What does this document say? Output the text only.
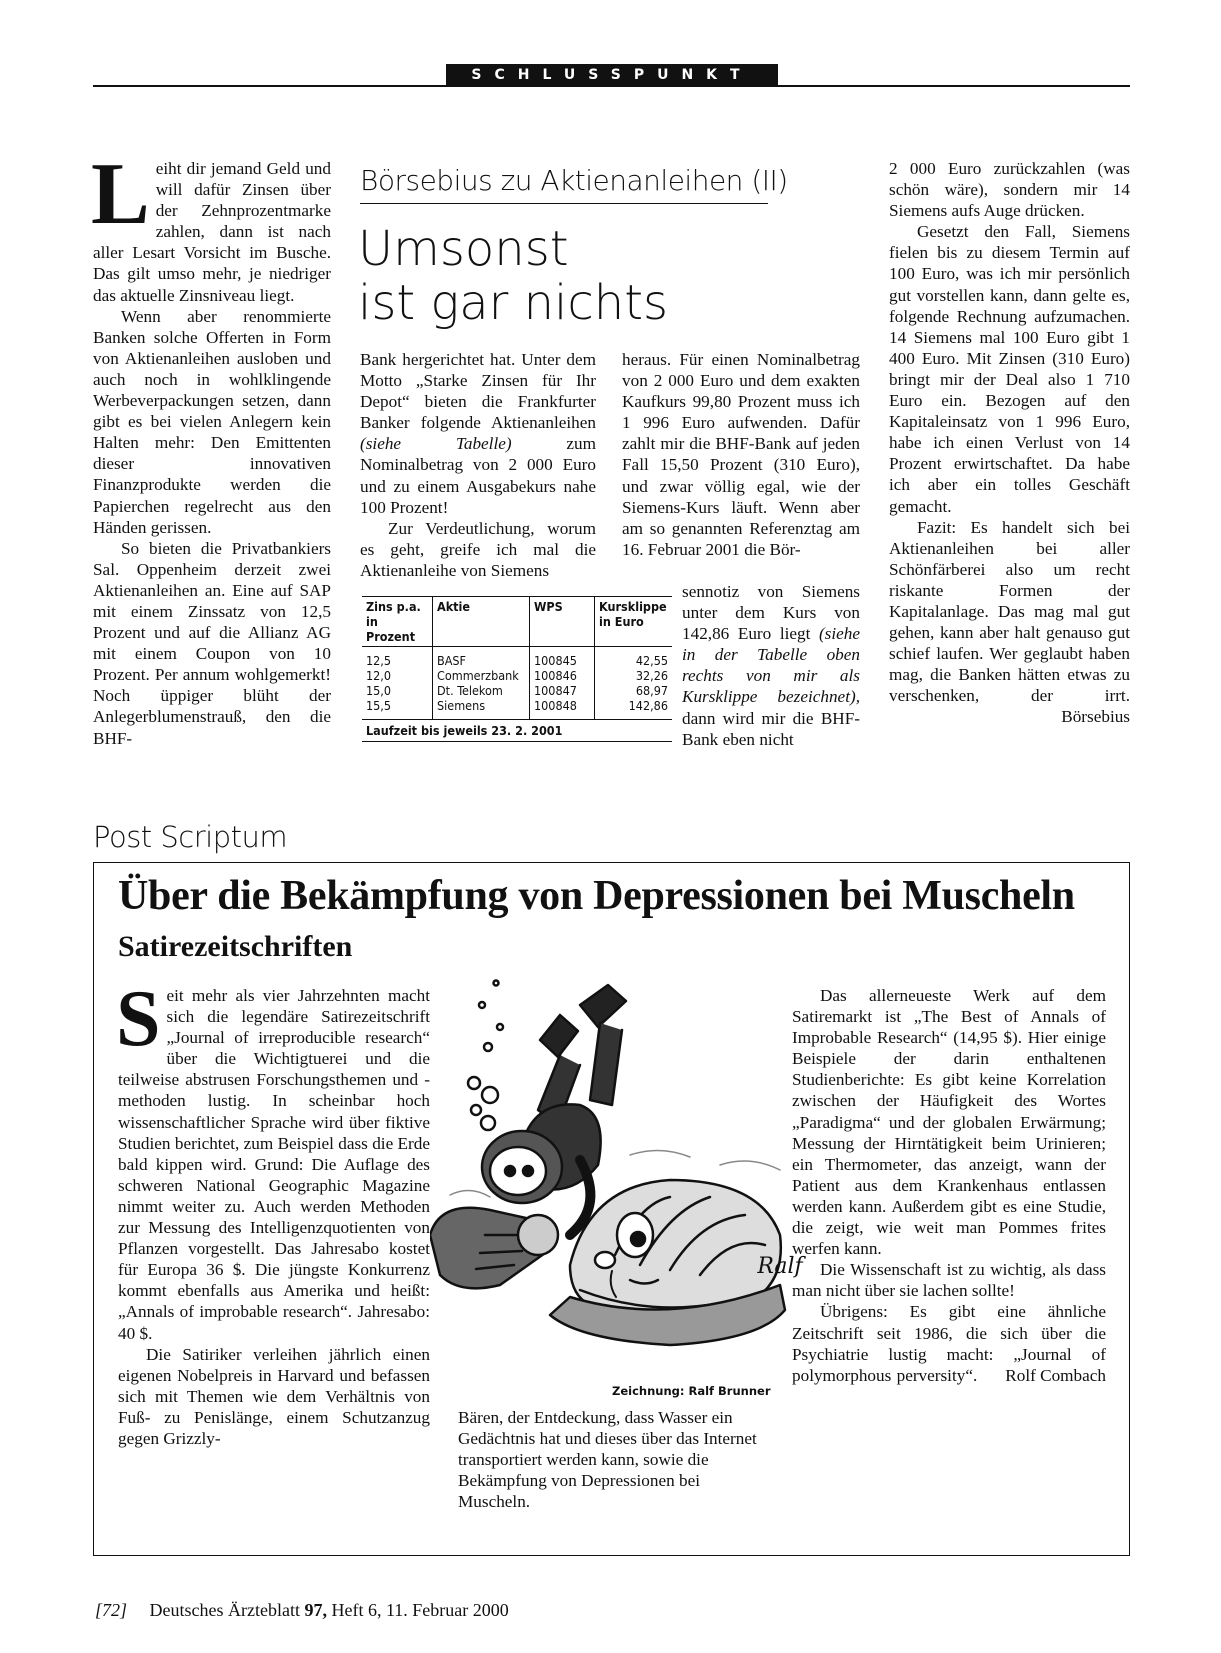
SCHLUSSPUNKT

Leiht dir jemand Geld und will dafür Zinsen über der Zehnprozentmarke zahlen, dann ist nach aller Lesart Vorsicht im Busche. Das gilt umso mehr, je niedriger das aktuelle Zinsniveau liegt.

Wenn aber renommierte Banken solche Offerten in Form von Aktienanleihen ausloben und auch noch in wohlklingende Werbeverpackungen setzen, dann gibt es bei vielen Anlegern kein Halten mehr: Den Emittenten dieser innovativen Finanzprodukte werden die Papierchen regelrecht aus den Händen gerissen.

So bieten die Privatbankiers Sal. Oppenheim derzeit zwei Aktienanleihen an. Eine auf SAP mit einem Zinssatz von 12,5 Prozent und auf die Allianz AG mit einem Coupon von 10 Prozent. Per annum wohlgemerkt! Noch üppiger blüht der Anlegerblumenstrauß, den die BHF-

Börsebius zu Aktienanleihen (II)
Umsonst
ist gar nichts

Bank hergerichtet hat. Unter dem Motto „Starke Zinsen für Ihr Depot“ bieten die Frankfurter Banker folgende Aktienanleihen (siehe Tabelle) zum Nominalbetrag von 2 000 Euro und zu einem Ausgabekurs nahe 100 Prozent!

Zur Verdeutlichung, worum es geht, greife ich mal die Aktienanleihe von Siemens

heraus. Für einen Nominalbetrag von 2 000 Euro und dem exakten Kaufkurs 99,80 Prozent muss ich 1 996 Euro aufwenden. Dafür zahlt mir die BHF-Bank auf jeden Fall 15,50 Prozent (310 Euro), und zwar völlig egal, wie der Siemens-Kurs läuft. Wenn aber am so genannten Referenztag am 16. Februar 2001 die Bör-

sennotiz von Siemens unter dem Kurs von 142,86 Euro liegt (siehe in der Tabelle oben rechts von mir als Kursklippe bezeichnet), dann wird mir die BHF-Bank eben nicht

Zins p.a. in Prozent	Aktie	WPS	Kursklippe in Euro
12,5	BASF	100845	42,55
12,0	Commerzbank	100846	32,26
15,0	Dt. Telekom	100847	68,97
15,5	Siemens	100848	142,86
Laufzeit bis jeweils 23. 2. 2001			

2 000 Euro zurückzahlen (was schön wäre), sondern mir 14 Siemens aufs Auge drücken.

Gesetzt den Fall, Siemens fielen bis zu diesem Termin auf 100 Euro, was ich mir persönlich gut vorstellen kann, dann gelte es, folgende Rechnung aufzumachen. 14 Siemens mal 100 Euro gibt 1 400 Euro. Mit Zinsen (310 Euro) bringt mir der Deal also 1 710 Euro ein. Bezogen auf den Kapitaleinsatz von 1 996 Euro, habe ich einen Verlust von 14 Prozent erwirtschaftet. Da habe ich aber ein tolles Geschäft gemacht.

Fazit: Es handelt sich bei Aktienanleihen bei aller Schönfärberei also um recht riskante Formen der Kapitalanlage. Das mag mal gut gehen, kann aber halt genauso gut schief laufen. Wer geglaubt haben mag, die Banken hätten etwas zu verschenken, der irrt.
Börsebius

Post Scriptum
Über die Bekämpfung von Depressionen bei Muscheln
Satirezeitschriften

Seit mehr als vier Jahrzehnten macht sich die legendäre Satirezeitschrift „Journal of irreproducible research“ über die Wichtigtuerei und die teilweise abstrusen Forschungsthemen und -methoden lustig. In scheinbar hoch wissenschaftlicher Sprache wird über fiktive Studien berichtet, zum Beispiel dass die Erde bald kippen wird. Grund: Die Auflage des schweren National Geographic Magazine nimmt weiter zu. Auch werden Methoden zur Messung des Intelligenzquotienten von Pflanzen vorgestellt. Das Jahresabo kostet für Europa 36 $. Die jüngste Konkurrenz kommt ebenfalls aus Amerika und heißt: „Annals of improbable research“. Jahresabo: 40 $.

Die Satiriker verleihen jährlich einen eigenen Nobelpreis in Harvard und befassen sich mit Themen wie dem Verhältnis von Fuß- zu Penislänge, einem Schutzanzug gegen Grizzly-

Bären, der Entdeckung, dass Wasser ein Gedächtnis hat und dieses über das Internet transportiert werden kann, sowie die Bekämpfung von Depressionen bei Muscheln.

Das allerneueste Werk auf dem Satiremarkt ist „The Best of Annals of Improbable Research“ (14,95 $). Hier einige Beispiele der darin enthaltenen Studienberichte: Es gibt keine Korrelation zwischen der Häufigkeit des Wortes „Paradigma“ und der globalen Erwärmung; Messung der Hirntätigkeit beim Urinieren; ein Thermometer, das anzeigt, wann der Patient aus dem Krankenhaus entlassen werden kann. Außerdem gibt es eine Studie, die zeigt, wie weit man Pommes frites werfen kann.

Die Wissenschaft ist zu wichtig, als dass man nicht über sie lachen sollte!

Übrigens: Es gibt eine ähnliche Zeitschrift seit 1986, die sich über die Psychiatrie lustig macht: „Journal of polymorphous perversity“.	Rolf Combach

Ralf
Zeichnung: Ralf Brunner
[72] Deutsches Ärzteblatt 97, Heft 6, 11. Februar 2000
